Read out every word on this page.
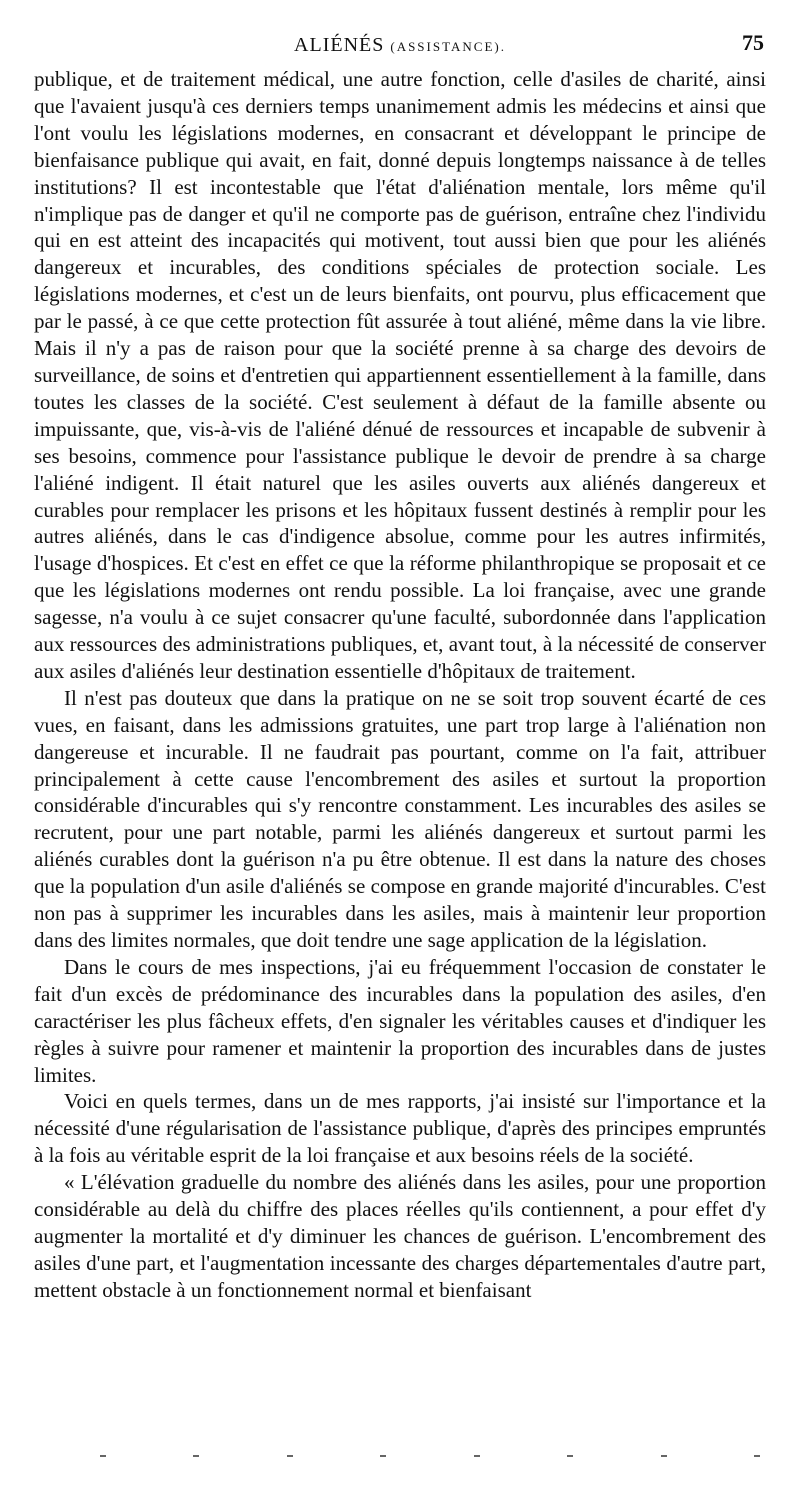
ALIÉNÉS (ASSISTANCE).	75

publique, et de traitement médical, une autre fonction, celle d'asiles de charité, ainsi que l'avaient jusqu'à ces derniers temps unanimement admis les médecins et ainsi que l'ont voulu les législations modernes, en consacrant et développant le principe de bienfaisance publique qui avait, en fait, donné depuis longtemps naissance à de telles institutions? Il est incontestable que l'état d'aliénation mentale, lors même qu'il n'implique pas de danger et qu'il ne comporte pas de guérison, entraîne chez l'individu qui en est atteint des incapacités qui motivent, tout aussi bien que pour les aliénés dangereux et incurables, des conditions spéciales de protection sociale. Les législations modernes, et c'est un de leurs bienfaits, ont pourvu, plus efficacement que par le passé, à ce que cette protection fût assurée à tout aliéné, même dans la vie libre. Mais il n'y a pas de raison pour que la société prenne à sa charge des devoirs de surveillance, de soins et d'entretien qui appartiennent essentiellement à la famille, dans toutes les classes de la société. C'est seulement à défaut de la famille absente ou impuissante, que, vis-à-vis de l'aliéné dénué de ressources et incapable de subvenir à ses besoins, commence pour l'assistance publique le devoir de prendre à sa charge l'aliéné indigent. Il était naturel que les asiles ouverts aux aliénés dangereux et curables pour remplacer les prisons et les hôpitaux fussent destinés à remplir pour les autres aliénés, dans le cas d'indigence absolue, comme pour les autres infirmités, l'usage d'hospices. Et c'est en effet ce que la réforme philanthropique se proposait et ce que les législations modernes ont rendu possible. La loi française, avec une grande sagesse, n'a voulu à ce sujet consacrer qu'une faculté, subordonnée dans l'application aux ressources des administrations publiques, et, avant tout, à la nécessité de conserver aux asiles d'aliénés leur destination essentielle d'hôpitaux de traitement.

Il n'est pas douteux que dans la pratique on ne se soit trop souvent écarté de ces vues, en faisant, dans les admissions gratuites, une part trop large à l'aliénation non dangereuse et incurable. Il ne faudrait pas pourtant, comme on l'a fait, attribuer principalement à cette cause l'encombrement des asiles et surtout la proportion considérable d'incurables qui s'y rencontre constamment. Les incurables des asiles se recrutent, pour une part notable, parmi les aliénés dangereux et surtout parmi les aliénés curables dont la guérison n'a pu être obtenue. Il est dans la nature des choses que la population d'un asile d'aliénés se compose en grande majorité d'incurables. C'est non pas à supprimer les incurables dans les asiles, mais à maintenir leur proportion dans des limites normales, que doit tendre une sage application de la législation.

Dans le cours de mes inspections, j'ai eu fréquemment l'occasion de constater le fait d'un excès de prédominance des incurables dans la population des asiles, d'en caractériser les plus fâcheux effets, d'en signaler les véritables causes et d'indiquer les règles à suivre pour ramener et maintenir la proportion des incurables dans de justes limites.

Voici en quels termes, dans un de mes rapports, j'ai insisté sur l'importance et la nécessité d'une régularisation de l'assistance publique, d'après des principes empruntés à la fois au véritable esprit de la loi française et aux besoins réels de la société.

« L'élévation graduelle du nombre des aliénés dans les asiles, pour une proportion considérable au delà du chiffre des places réelles qu'ils contiennent, a pour effet d'y augmenter la mortalité et d'y diminuer les chances de guérison. L'encombrement des asiles d'une part, et l'augmentation incessante des charges départementales d'autre part, mettent obstacle à un fonctionnement normal et bienfaisant
